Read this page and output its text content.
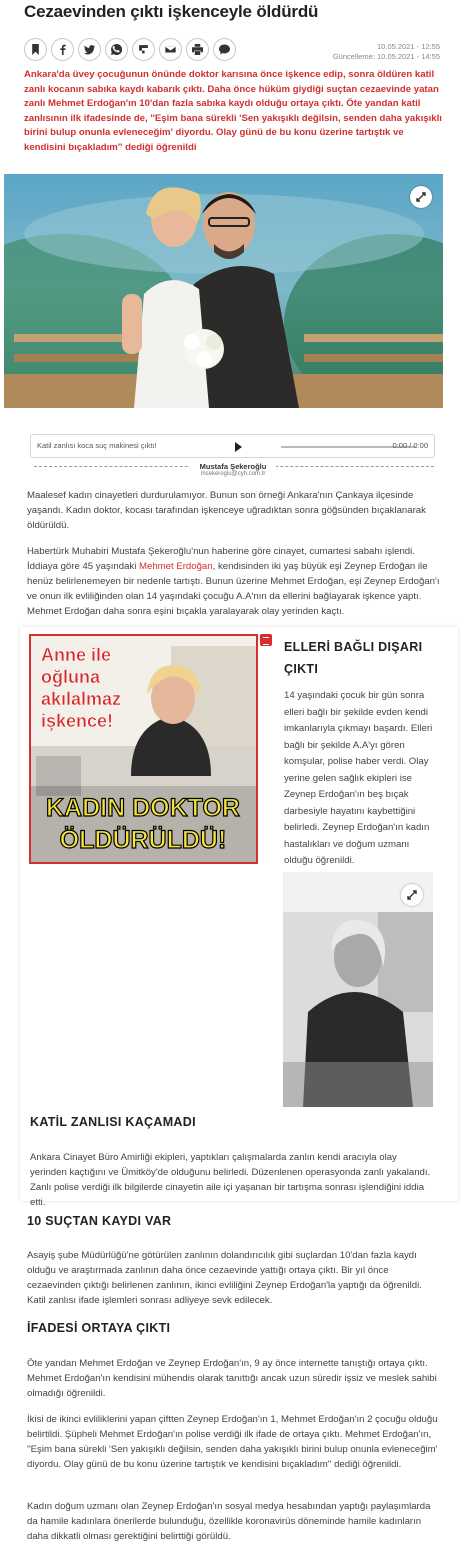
Cezaevinden çıktı işkenceyle öldürdü
10.05.2021 - 12:55
Güncelleme: 10.05.2021 - 14:55
Ankara'da üvey çocuğunun önünde doktor karısına önce işkence edip, sonra öldüren katil zanlı kocanın sabıka kaydı kabarık çıktı. Daha önce hüküm giydiği suçtan cezaevinde yatan zanlı Mehmet Erdoğan'ın 10'dan fazla sabıka kaydı olduğu ortaya çıktı. Öte yandan katil zanlısının ilk ifadesinde de, ''Eşim bana sürekli 'Sen yakışıklı değilsin, senden daha yakışıklı birini bulup onunla evleneceğim' diyordu. Olay günü de bu konu üzerine tartıştık ve kendisini bıçakladım'' dediği öğrenildi
Katil zanlısı koca suç makinesi çıktı!	0:00 / 0:00
Mustafa Şekeroğlu
msekeroglu@cyh.com.tr
Maalesef kadın cinayetleri durdurulamıyor. Bunun son örneği Ankara'nın Çankaya ilçesinde yaşandı. Kadın doktor, kocası tarafından işkenceye uğradıktan sonra göğsünden bıçaklanarak öldürüldü.
Habertürk Muhabiri Mustafa Şekeroğlu'nun haberine göre cinayet, cumartesi sabahı işlendi. İddiaya göre 45 yaşındaki Mehmet Erdoğan, kendisinden iki yaş büyük eşi Zeynep Erdoğan ile henüz belirlenemeyen bir nedenle tartıştı. Bunun üzerine Mehmet Erdoğan, eşi Zeynep Erdoğan'ı ve onun ilk evliliğinden olan 14 yaşındaki çocuğu A.A'nın da ellerini bağlayarak işkence yaptı. Mehmet Erdoğan daha sonra eşini bıçakla yaralayarak olay yerinden kaçtı.
Anne ile
oğluna
akılalmaz
işkence!
KADIN DOKTOR
ÖLDÜRÜLDÜ!
ELLERİ BAĞLI DIŞARI ÇIKTI
14 yaşındaki çocuk bir gün sonra elleri bağlı bir şekilde evden kendi imkanlarıyla çıkmayı başardı. Elleri bağlı bir şekilde A.A'yı gören komşular, polise haber verdi. Olay yerine gelen sağlık ekipleri ise Zeynep Erdoğan'ın beş bıçak darbesiyle hayatını kaybettiğini belirledi. Zeynep Erdoğan'ın kadın hastalıkları ve doğum uzmanı olduğu öğrenildi.
KATİL ZANLISI KAÇAMADI
Ankara Cinayet Büro Amirliği ekipleri, yaptıkları çalışmalarda zanlın kendi aracıyla olay yerinden kaçtığını ve Ümitköy'de olduğunu belirledi. Düzenlenen operasyonda zanlı yakalandı. Zanlı polise verdiği ilk bilgilerde cinayetin aile içi yaşanan bir tartışma sonrası işlendiğini iddia etti.
10 SUÇTAN KAYDI VAR
Asayiş şube Müdürlüğü'ne götürülen zanlının dolandırıcılık gibi suçlardan 10'dan fazla kaydı olduğu ve araştırmada zanlının daha önce cezaevinde yattığı ortaya çıktı. Bir yıl önce cezaevinden çıktığı belirlenen zanlının, ikinci evliliğini Zeynep Erdoğan'la yaptığı da öğrenildi. Katil zanlısı ifade işlemleri sonrası adliyeye sevk edilecek.
İFADESİ ORTAYA ÇIKTI
Öte yandan Mehmet Erdoğan ve Zeynep Erdoğan'ın, 9 ay önce internette tanıştığı ortaya çıktı. Mehmet Erdoğan'ın kendisini mühendis olarak tanıttığı ancak uzun süredir işsiz ve meslek sahibi olmadığı öğrenildi.
İkisi de ikinci evliliklerini yapan çiftten Zeynep Erdoğan'ın 1, Mehmet Erdoğan'ın 2 çocuğu olduğu belirtildi. Şüpheli Mehmet Erdoğan'ın polise verdiği ilk ifade de ortaya çıktı. Mehmet Erdoğan'ın, ''Eşim bana sürekli 'Sen yakışıklı değilsin, senden daha yakışıklı birini bulup onunla evleneceğim' diyordu. Olay günü de bu konu üzerine tartıştık ve kendisini bıçakladım'' dediği öğrenildi.
Kadın doğum uzmanı olan Zeynep Erdoğan'ın sosyal medya hesabından yaptığı paylaşımlarda da hamile kadınlara önerilerde bulunduğu, özellikle koronavirüs döneminde hamile kadınların daha dikkatli olması gerektiğini belirttiği görüldü.
